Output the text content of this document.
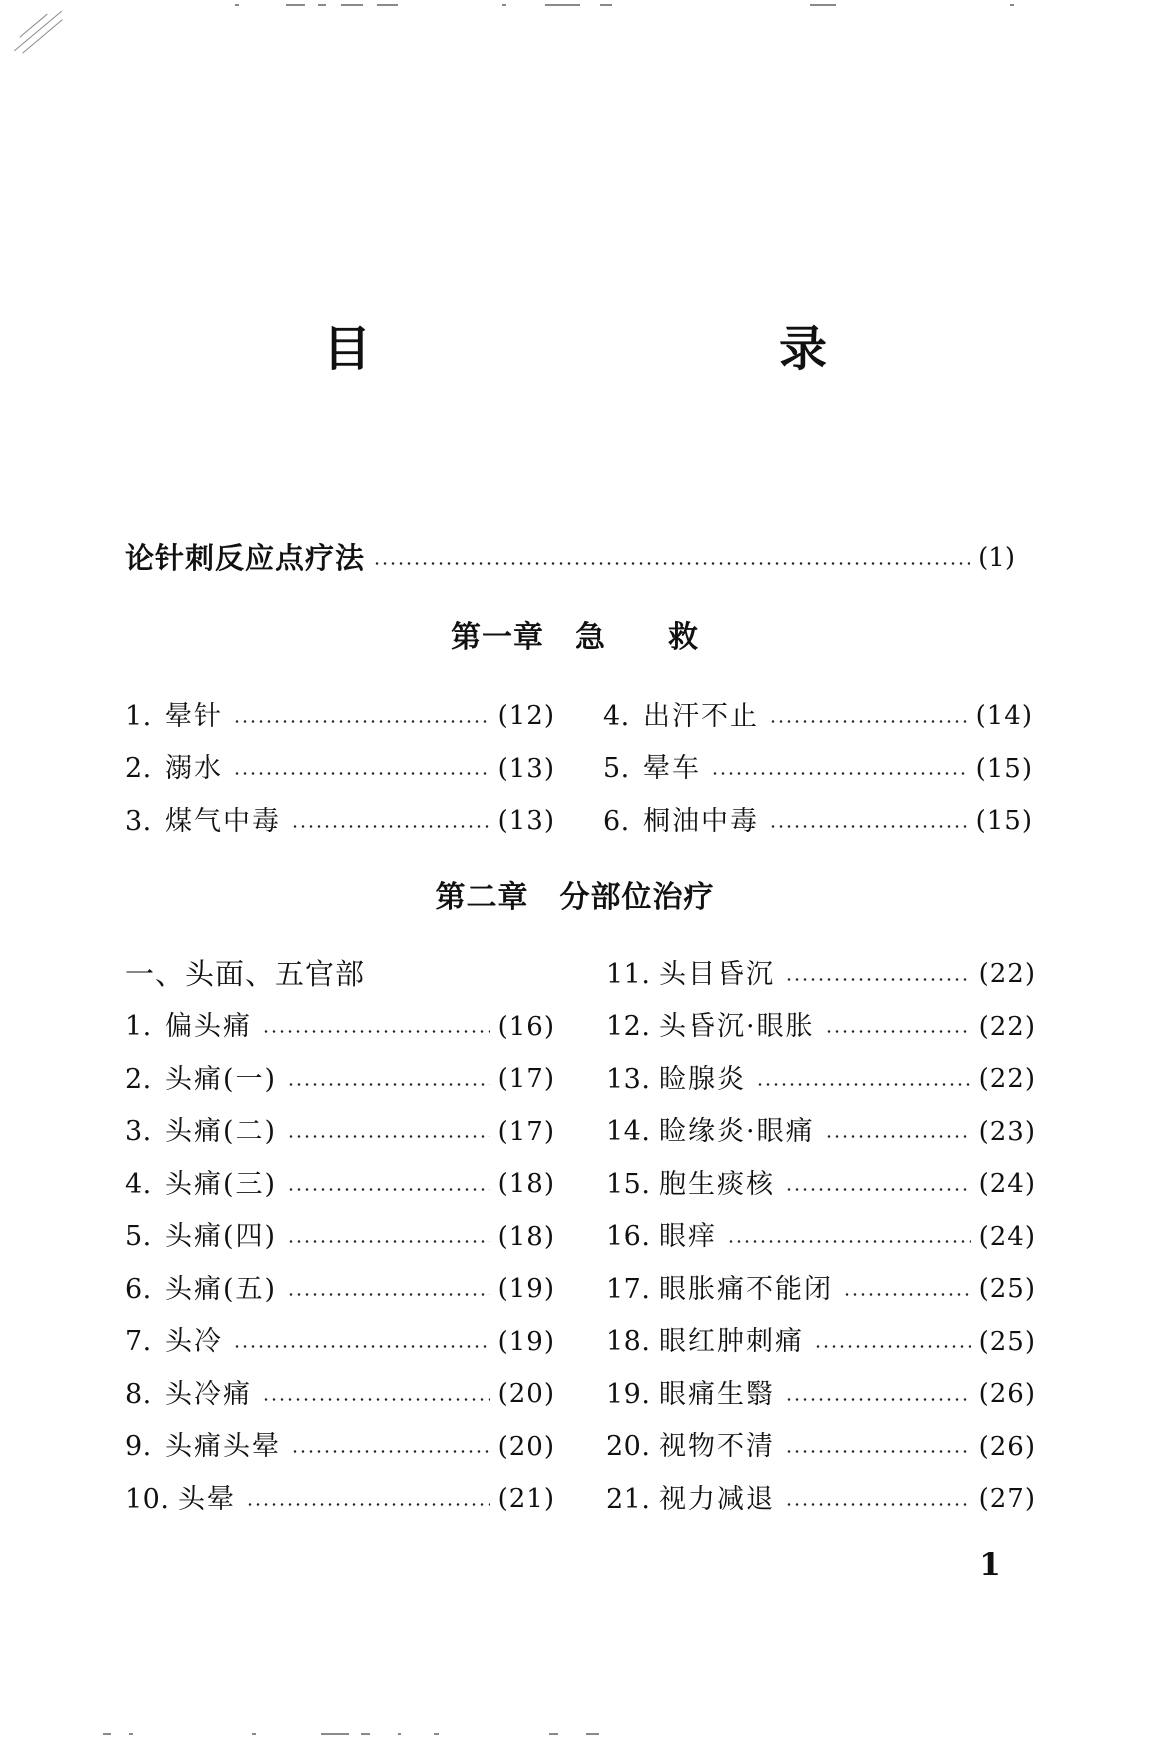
目　　录
论针刺反应点疗法	(1)
第一章　急　　救
1. 晕针	(12)
2. 溺水	(13)
3. 煤气中毒	(13)
4. 出汗不止	(14)
5. 晕车	(15)
6. 桐油中毒	(15)
第二章　分部位治疗
一、头面、五官部
1. 偏头痛	(16)
2. 头痛(一)	(17)
3. 头痛(二)	(17)
4. 头痛(三)	(18)
5. 头痛(四)	(18)
6. 头痛(五)	(19)
7. 头冷	(19)
8. 头冷痛	(20)
9. 头痛头晕	(20)
10. 头晕	(21)
11. 头目昏沉	(22)
12. 头昏沉·眼胀	(22)
13. 睑腺炎	(22)
14. 睑缘炎·眼痛	(23)
15. 胞生痰核	(24)
16. 眼痒	(24)
17. 眼胀痛不能闭	(25)
18. 眼红肿刺痛	(25)
19. 眼痛生翳	(26)
20. 视物不清	(26)
21. 视力减退	(27)
1
